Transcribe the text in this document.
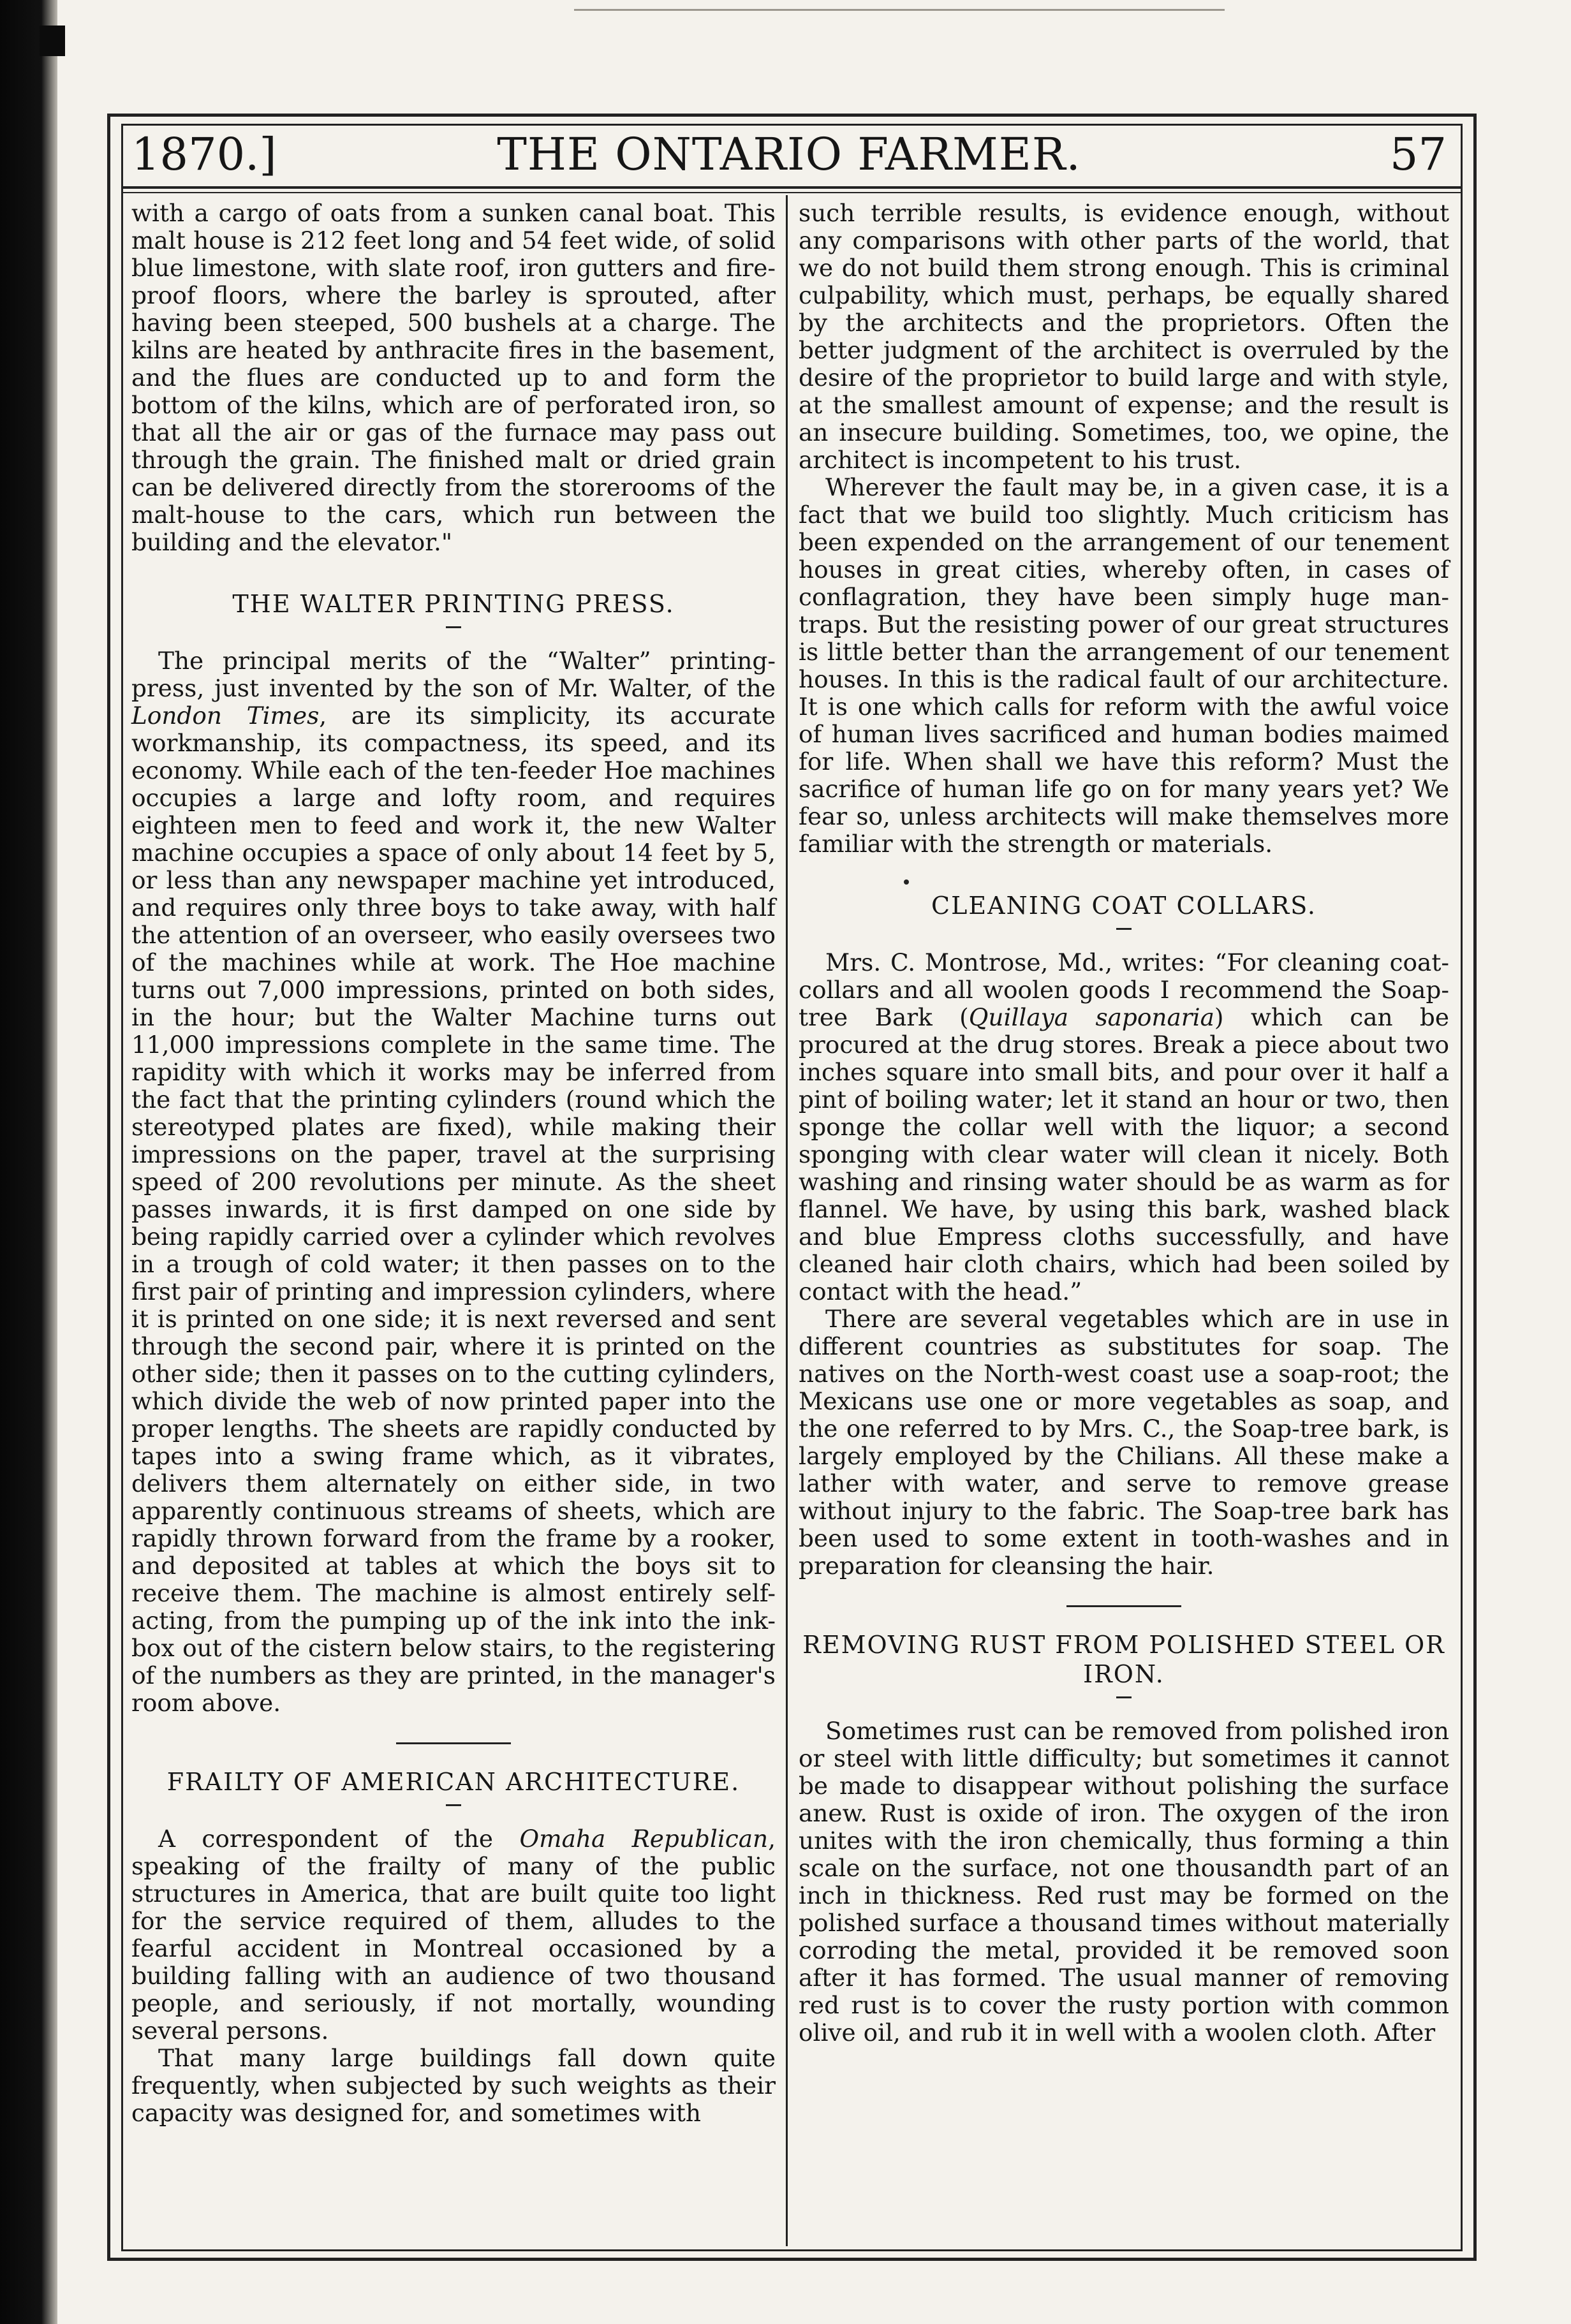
1870.]	THE ONTARIO FARMER.	57

with a cargo of oats from a sunken canal boat. This malt house is 212 feet long and 54 feet wide, of solid blue limestone, with slate roof, iron gutters and fire-proof floors, where the barley is sprouted, after having been steeped, 500 bushels at a charge. The kilns are heated by anthracite fires in the basement, and the flues are conducted up to and form the bottom of the kilns, which are of perforated iron, so that all the air or gas of the furnace may pass out through the grain. The finished malt or dried grain can be delivered directly from the storerooms of the malt-house to the cars, which run between the building and the elevator."

THE WALTER PRINTING PRESS.

The principal merits of the “Walter” printing-press, just invented by the son of Mr. Walter, of the London Times, are its simplicity, its accurate workmanship, its compactness, its speed, and its economy. While each of the ten-feeder Hoe machines occupies a large and lofty room, and requires eighteen men to feed and work it, the new Walter machine occupies a space of only about 14 feet by 5, or less than any newspaper machine yet introduced, and requires only three boys to take away, with half the attention of an overseer, who easily oversees two of the machines while at work. The Hoe machine turns out 7,000 impressions, printed on both sides, in the hour; but the Walter Machine turns out 11,000 impressions complete in the same time. The rapidity with which it works may be inferred from the fact that the printing cylinders (round which the stereotyped plates are fixed), while making their impressions on the paper, travel at the surprising speed of 200 revolutions per minute. As the sheet passes inwards, it is first damped on one side by being rapidly carried over a cylinder which revolves in a trough of cold water; it then passes on to the first pair of printing and impression cylinders, where it is printed on one side; it is next reversed and sent through the second pair, where it is printed on the other side; then it passes on to the cutting cylinders, which divide the web of now printed paper into the proper lengths. The sheets are rapidly conducted by tapes into a swing frame which, as it vibrates, delivers them alternately on either side, in two apparently continuous streams of sheets, which are rapidly thrown forward from the frame by a rooker, and deposited at tables at which the boys sit to receive them. The machine is almost entirely self-acting, from the pumping up of the ink into the ink-box out of the cistern below stairs, to the registering of the numbers as they are printed, in the manager's room above.

FRAILTY OF AMERICAN ARCHITECTURE.

A correspondent of the Omaha Republican, speaking of the frailty of many of the public structures in America, that are built quite too light for the service required of them, alludes to the fearful accident in Montreal occasioned by a building falling with an audience of two thousand people, and seriously, if not mortally, wounding several persons.

That many large buildings fall down quite frequently, when subjected by such weights as their capacity was designed for, and sometimes with

such terrible results, is evidence enough, without any comparisons with other parts of the world, that we do not build them strong enough. This is criminal culpability, which must, perhaps, be equally shared by the architects and the proprietors. Often the better judgment of the architect is overruled by the desire of the proprietor to build large and with style, at the smallest amount of expense; and the result is an insecure building. Sometimes, too, we opine, the architect is incompetent to his trust.

Wherever the fault may be, in a given case, it is a fact that we build too slightly. Much criticism has been expended on the arrangement of our tenement houses in great cities, whereby often, in cases of conflagration, they have been simply huge man-traps. But the resisting power of our great structures is little better than the arrangement of our tenement houses. In this is the radical fault of our architecture. It is one which calls for reform with the awful voice of human lives sacrificed and human bodies maimed for life. When shall we have this reform? Must the sacrifice of human life go on for many years yet? We fear so, unless architects will make themselves more familiar with the strength or materials.

CLEANING COAT COLLARS.

Mrs. C. Montrose, Md., writes: “For cleaning coat-collars and all woolen goods I recommend the Soap-tree Bark (Quillaya saponaria) which can be procured at the drug stores. Break a piece about two inches square into small bits, and pour over it half a pint of boiling water; let it stand an hour or two, then sponge the collar well with the liquor; a second sponging with clear water will clean it nicely. Both washing and rinsing water should be as warm as for flannel. We have, by using this bark, washed black and blue Empress cloths successfully, and have cleaned hair cloth chairs, which had been soiled by contact with the head.”

There are several vegetables which are in use in different countries as substitutes for soap. The natives on the North-west coast use a soap-root; the Mexicans use one or more vegetables as soap, and the one referred to by Mrs. C., the Soap-tree bark, is largely employed by the Chilians. All these make a lather with water, and serve to remove grease without injury to the fabric. The Soap-tree bark has been used to some extent in tooth-washes and in preparation for cleansing the hair.

REMOVING RUST FROM POLISHED STEEL OR IRON.

Sometimes rust can be removed from polished iron or steel with little difficulty; but sometimes it cannot be made to disappear without polishing the surface anew. Rust is oxide of iron. The oxygen of the iron unites with the iron chemically, thus forming a thin scale on the surface, not one thousandth part of an inch in thickness. Red rust may be formed on the polished surface a thousand times without materially corroding the metal, provided it be removed soon after it has formed. The usual manner of removing red rust is to cover the rusty portion with common olive oil, and rub it in well with a woolen cloth. After
